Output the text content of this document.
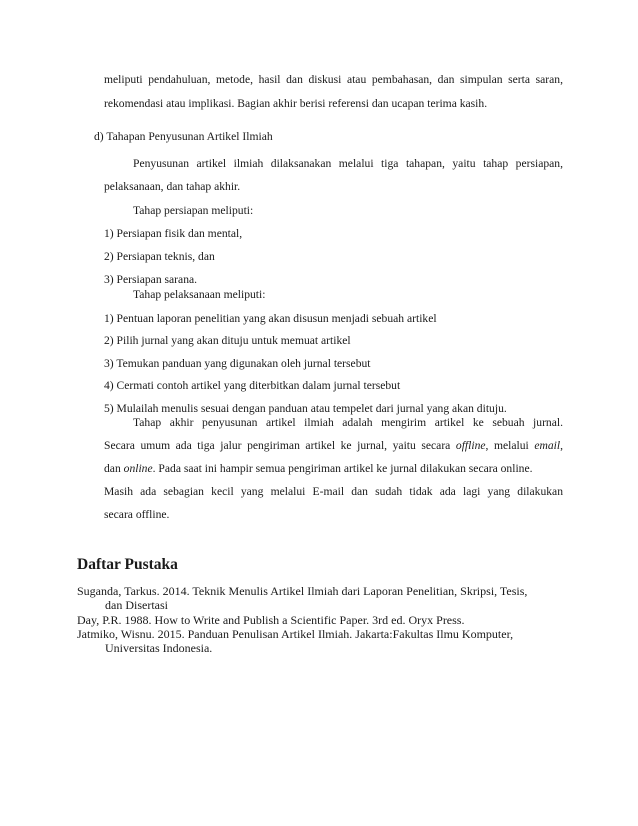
meliputi pendahuluan, metode, hasil dan diskusi atau pembahasan, dan simpulan serta saran,
rekomendasi atau implikasi. Bagian akhir berisi referensi dan ucapan terima kasih.
d) Tahapan Penyusunan Artikel Ilmiah
Penyusunan artikel ilmiah dilaksanakan melalui tiga tahapan, yaitu tahap persiapan,
pelaksanaan, dan tahap akhir.
Tahap persiapan meliputi:
1) Persiapan fisik dan mental,
2) Persiapan teknis, dan
3) Persiapan sarana.
Tahap pelaksanaan meliputi:
1) Pentuan laporan penelitian yang akan disusun menjadi sebuah artikel
2) Pilih jurnal yang akan dituju untuk memuat artikel
3) Temukan panduan yang digunakan oleh jurnal tersebut
4) Cermati contoh artikel yang diterbitkan dalam jurnal tersebut
5) Mulailah menulis sesuai dengan panduan atau tempelet dari jurnal yang akan dituju.
Tahap akhir penyusunan artikel ilmiah adalah mengirim artikel ke sebuah jurnal.
Secara umum ada tiga jalur pengiriman artikel ke jurnal, yaitu secara offline, melalui email,
dan online. Pada saat ini hampir semua pengiriman artikel ke jurnal dilakukan secara online.
Masih ada sebagian kecil yang melalui E-mail dan sudah tidak ada lagi yang dilakukan
secara offline.
Daftar Pustaka
Suganda, Tarkus. 2014. Teknik Menulis Artikel Ilmiah dari Laporan Penelitian, Skripsi, Tesis,
dan Disertasi
Day, P.R. 1988. How to Write and Publish a Scientific Paper. 3rd ed. Oryx Press.
Jatmiko, Wisnu. 2015. Panduan Penulisan Artikel Ilmiah. Jakarta:Fakultas Ilmu Komputer,
Universitas Indonesia.
